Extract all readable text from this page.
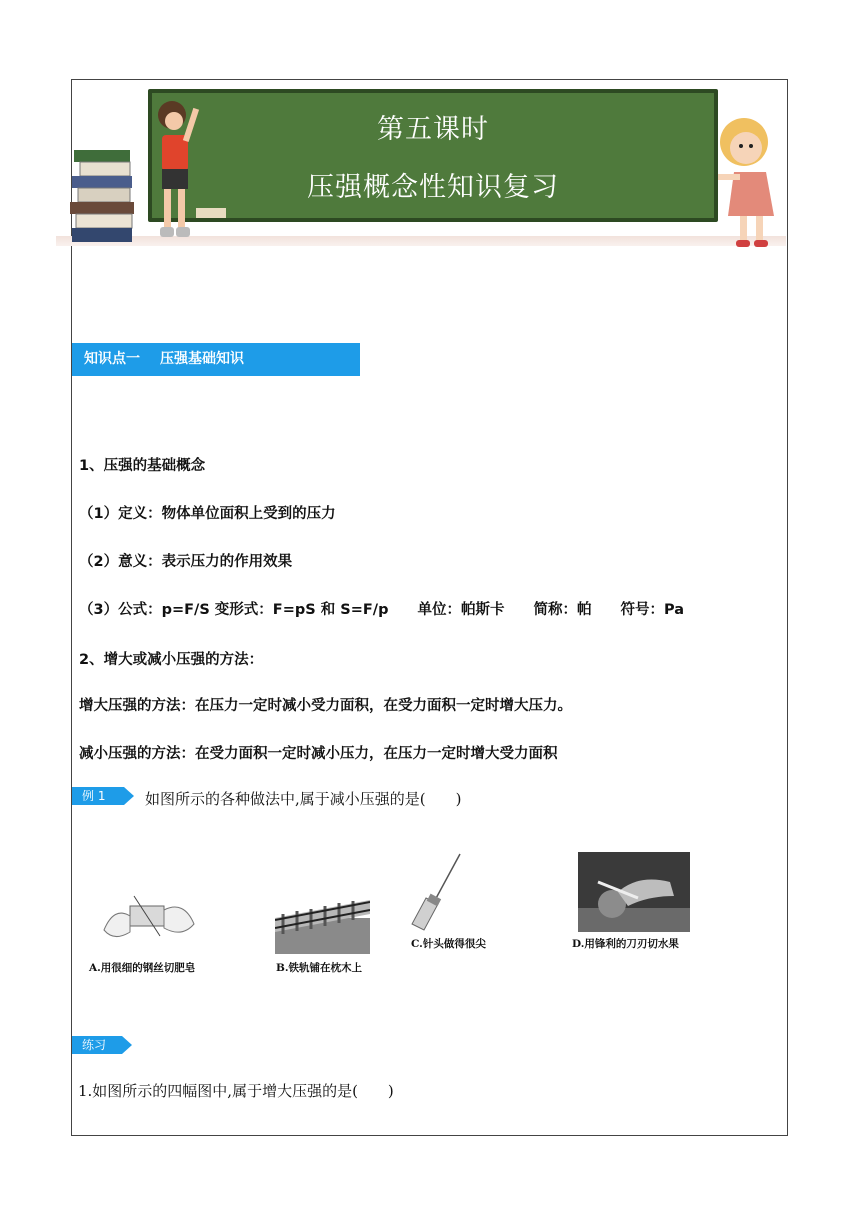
第五课时
压强概念性知识复习
知识点一 压强基础知识
1、压强的基础概念
（1）定义：物体单位面积上受到的压力
（2）意义：表示压力的作用效果
（3）公式：p=F/S 变形式：F=pS 和 S=F/p　　单位：帕斯卡　　简称：帕　　符号：Pa
2、增大或减小压强的方法：
增大压强的方法：在压力一定时减小受力面积，在受力面积一定时增大压力。
减小压强的方法：在受力面积一定时减小压力，在压力一定时增大受力面积
例 1	如图所示的各种做法中,属于减小压强的是(　　)
A.用很细的钢丝切肥皂	B.铁轨铺在枕木上
C.针头做得很尖	D.用锋利的刀刃切水果
练习
1.如图所示的四幅图中,属于增大压强的是(　　)
